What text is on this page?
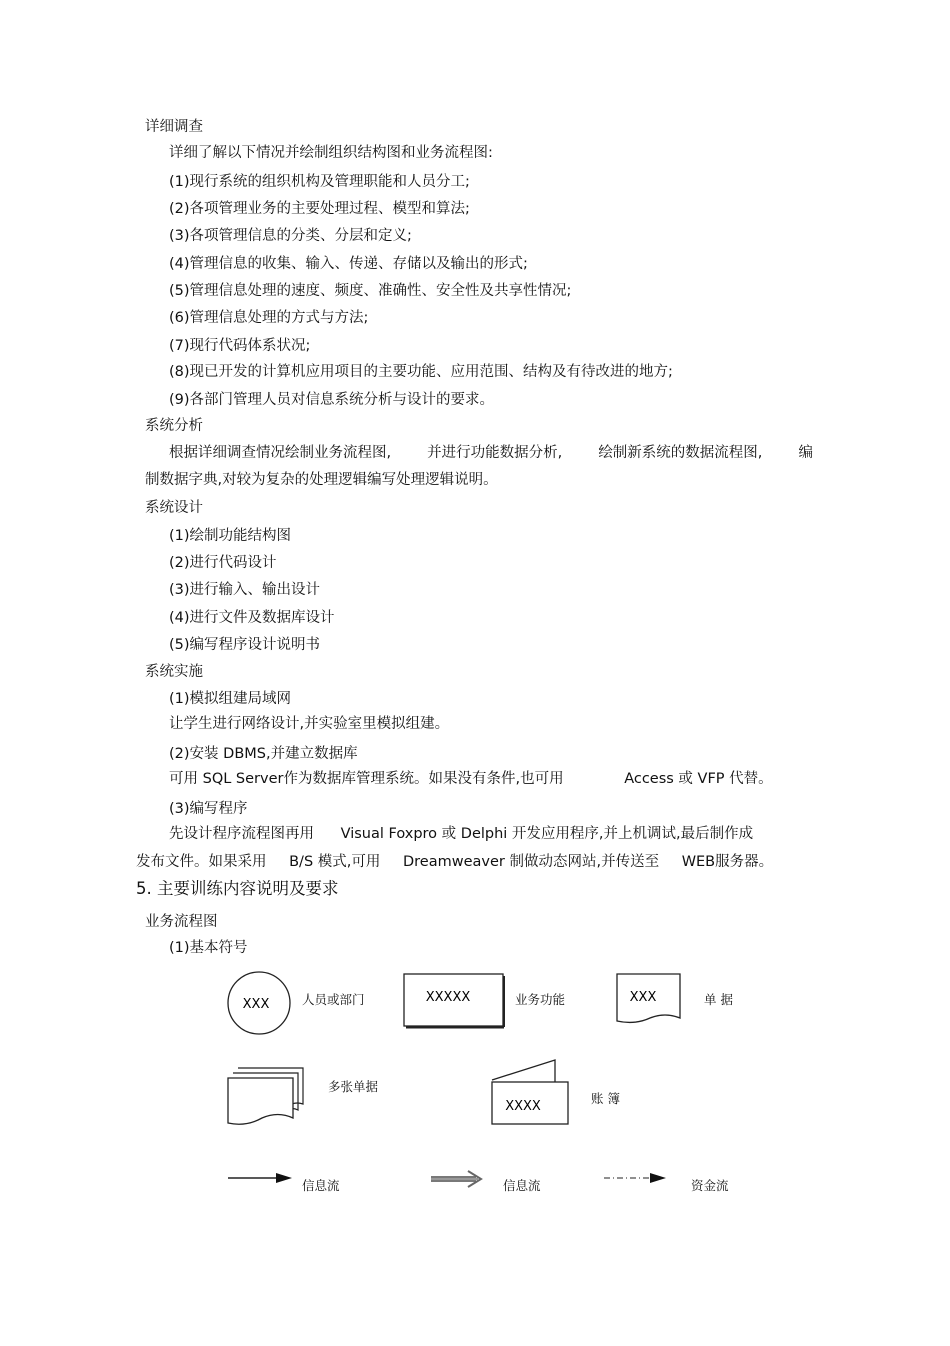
详细调查
详细了解以下情况并绘制组织结构图和业务流程图:
(1)现行系统的组织机构及管理职能和人员分工;
(2)各项管理业务的主要处理过程、模型和算法;
(3)各项管理信息的分类、分层和定义;
(4)管理信息的收集、输入、传递、存储以及输出的形式;
(5)管理信息处理的速度、频度、准确性、安全性及共享性情况;
(6)管理信息处理的方式与方法;
(7)现行代码体系状况;
(8)现已开发的计算机应用项目的主要功能、应用范围、结构及有待改进的地方;
(9)各部门管理人员对信息系统分析与设计的要求。
系统分析
根据详细调查情况绘制业务流程图, 并进行功能数据分析, 绘制新系统的数据流程图, 编
制数据字典,对较为复杂的处理逻辑编写处理逻辑说明。
系统设计
(1)绘制功能结构图
(2)进行代码设计
(3)进行输入、输出设计
(4)进行文件及数据库设计
(5)编写程序设计说明书
系统实施
(1)模拟组建局域网
让学生进行网络设计,并实验室里模拟组建。
(2)安装 DBMS,并建立数据库
可用 SQL Server作为数据库管理系统。如果没有条件,也可用	Access 或 VFP 代替。
(3)编写程序
先设计程序流程图再用 Visual Foxpro 或 Delphi 开发应用程序,并上机调试,最后制作成
发布文件。如果采用 B/S 模式,可用 Dreamweaver 制做动态网站,并传送至 WEB服务器。
5. 主要训练内容说明及要求
业务流程图
(1)基本符号
XXX	XXXXX	XXX
XXXX
人员或部门	业务功能	单 据
多张单据
账 簿
信息流	信息流	资金流
